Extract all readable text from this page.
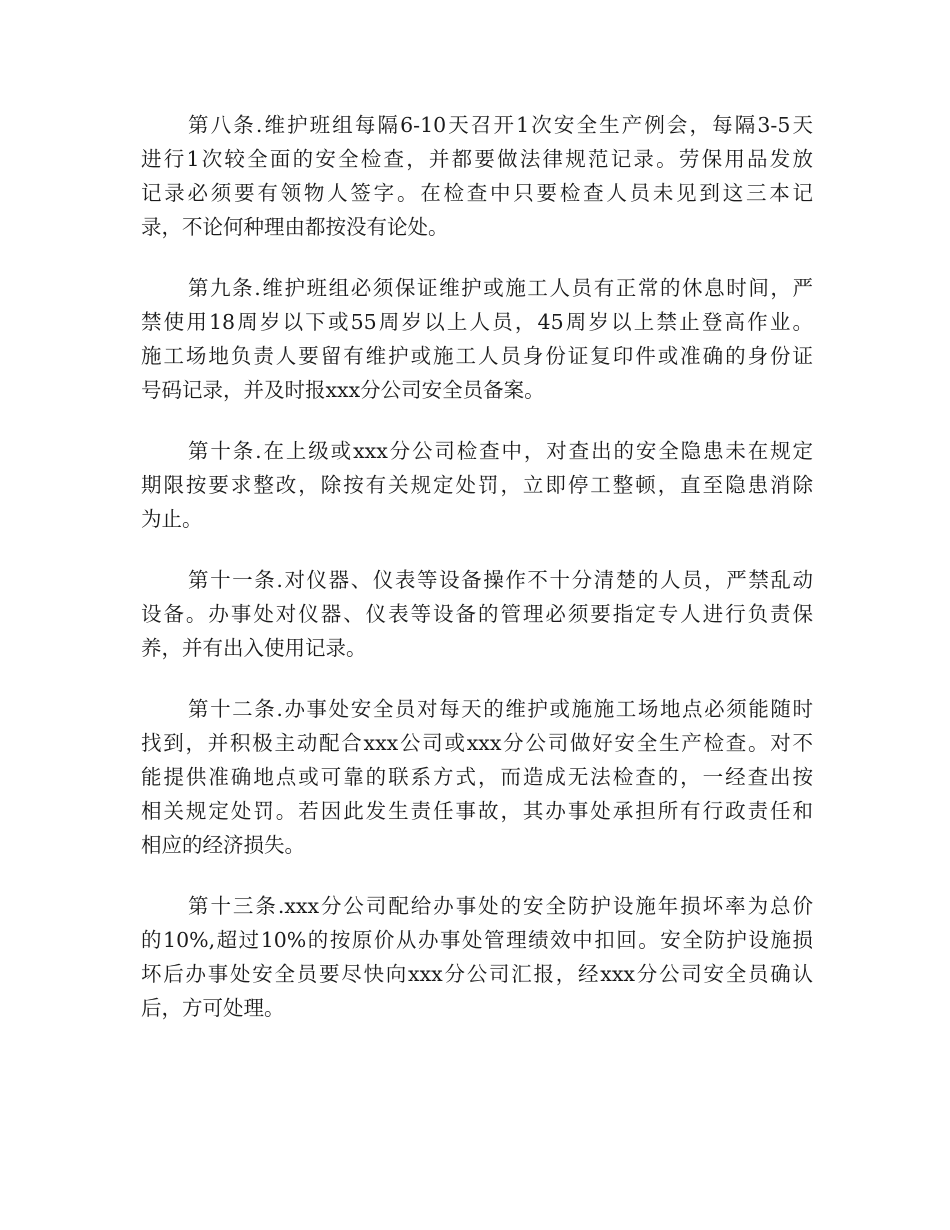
第八条.维护班组每隔6-10天召开1次安全生产例会，每隔3-5天
进行1次较全面的安全检查，并都要做法律规范记录。劳保用品发放
记录必须要有领物人签字。在检查中只要检查人员未见到这三本记
录，不论何种理由都按没有论处。
第九条.维护班组必须保证维护或施工人员有正常的休息时间，严
禁使用18周岁以下或55周岁以上人员，45周岁以上禁止登高作业。
施工场地负责人要留有维护或施工人员身份证复印件或准确的身份证
号码记录，并及时报xxx分公司安全员备案。
第十条.在上级或xxx分公司检查中，对查出的安全隐患未在规定
期限按要求整改，除按有关规定处罚，立即停工整顿，直至隐患消除
为止。
第十一条.对仪器、仪表等设备操作不十分清楚的人员，严禁乱动
设备。办事处对仪器、仪表等设备的管理必须要指定专人进行负责保
养，并有出入使用记录。
第十二条.办事处安全员对每天的维护或施施工场地点必须能随时
找到，并积极主动配合xxx公司或xxx分公司做好安全生产检查。对不
能提供准确地点或可靠的联系方式，而造成无法检查的，一经查出按
相关规定处罚。若因此发生责任事故，其办事处承担所有行政责任和
相应的经济损失。
第十三条.xxx分公司配给办事处的安全防护设施年损坏率为总价
的10%,超过10%的按原价从办事处管理绩效中扣回。安全防护设施损
坏后办事处安全员要尽快向xxx分公司汇报，经xxx分公司安全员确认
后，方可处理。
